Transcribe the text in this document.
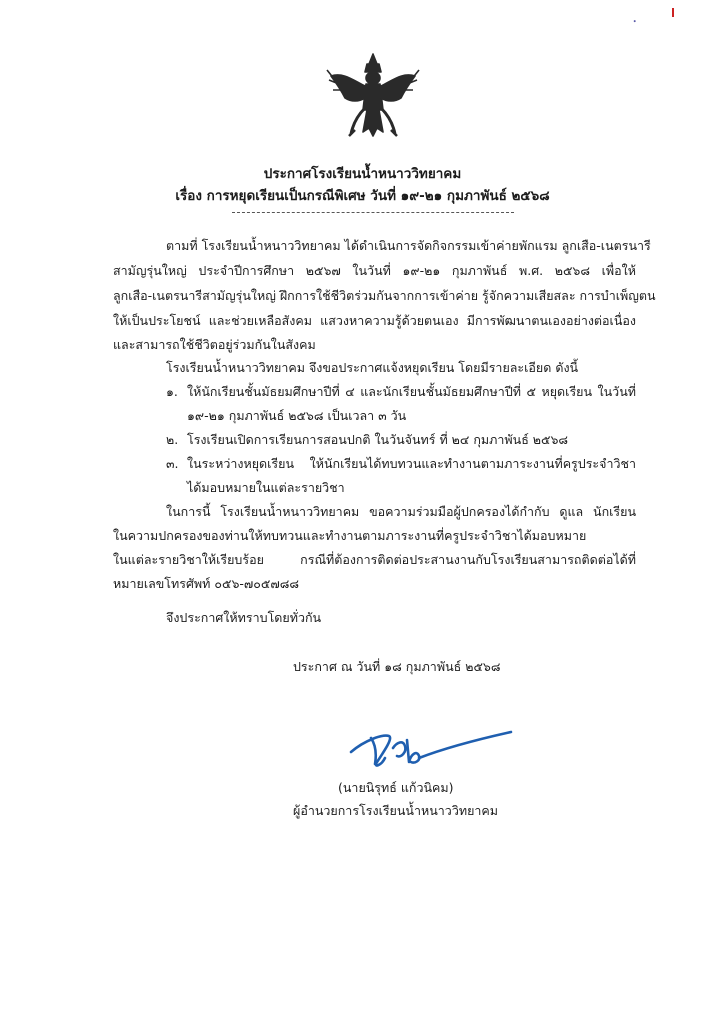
ประกาศโรงเรียนน้ำหนาววิทยาคม
เรื่อง การหยุดเรียนเป็นกรณีพิเศษ วันที่ ๑๙-๒๑ กุมภาพันธ์ ๒๕๖๘
ตามที่ โรงเรียนน้ำหนาววิทยาคม ได้ดำเนินการจัดกิจกรรมเข้าค่ายพักแรม ลูกเสือ-เนตรนารี
สามัญรุ่นใหญ่ ประจำปีการศึกษา ๒๕๖๗ ในวันที่ ๑๙-๒๑ กุมภาพันธ์ พ.ศ. ๒๕๖๘ เพื่อให้
ลูกเสือ-เนตรนารีสามัญรุ่นใหญ่ ฝึกการใช้ชีวิตร่วมกันจากการเข้าค่าย รู้จักความเสียสละ การบำเพ็ญตน
ให้เป็นประโยชน์ และช่วยเหลือสังคม แสวงหาความรู้ด้วยตนเอง มีการพัฒนาตนเองอย่างต่อเนื่อง
และสามารถใช้ชีวิตอยู่ร่วมกันในสังคม
โรงเรียนน้ำหนาววิทยาคม จึงขอประกาศแจ้งหยุดเรียน โดยมีรายละเอียด ดังนี้
๑. ให้นักเรียนชั้นมัธยมศึกษาปีที่ ๔ และนักเรียนชั้นมัธยมศึกษาปีที่ ๕ หยุดเรียน ในวันที่
๑๙-๒๑ กุมภาพันธ์ ๒๕๖๘ เป็นเวลา ๓ วัน
๒. โรงเรียนเปิดการเรียนการสอนปกติ ในวันจันทร์ ที่ ๒๔ กุมภาพันธ์ ๒๕๖๘
๓. ในระหว่างหยุดเรียน ให้นักเรียนได้ทบทวนและทำงานตามภาระงานที่ครูประจำวิชา
ได้มอบหมายในแต่ละรายวิชา
ในการนี้ โรงเรียนน้ำหนาววิทยาคม ขอความร่วมมือผู้ปกครองได้กำกับ ดูแล นักเรียน
ในความปกครองของท่านให้ทบทวนและทำงานตามภาระงานที่ครูประจำวิชาได้มอบหมาย
ในแต่ละรายวิชาให้เรียบร้อย กรณีที่ต้องการติดต่อประสานงานกับโรงเรียนสามารถติดต่อได้ที่
หมายเลขโทรศัพท์ ๐๕๖-๗๐๕๗๘๘
จึงประกาศให้ทราบโดยทั่วกัน
ประกาศ ณ วันที่ ๑๘ กุมภาพันธ์ ๒๕๖๘
(นายนิรุทธ์ แก้วนิคม)
ผู้อำนวยการโรงเรียนน้ำหนาววิทยาคม
ꞏ
